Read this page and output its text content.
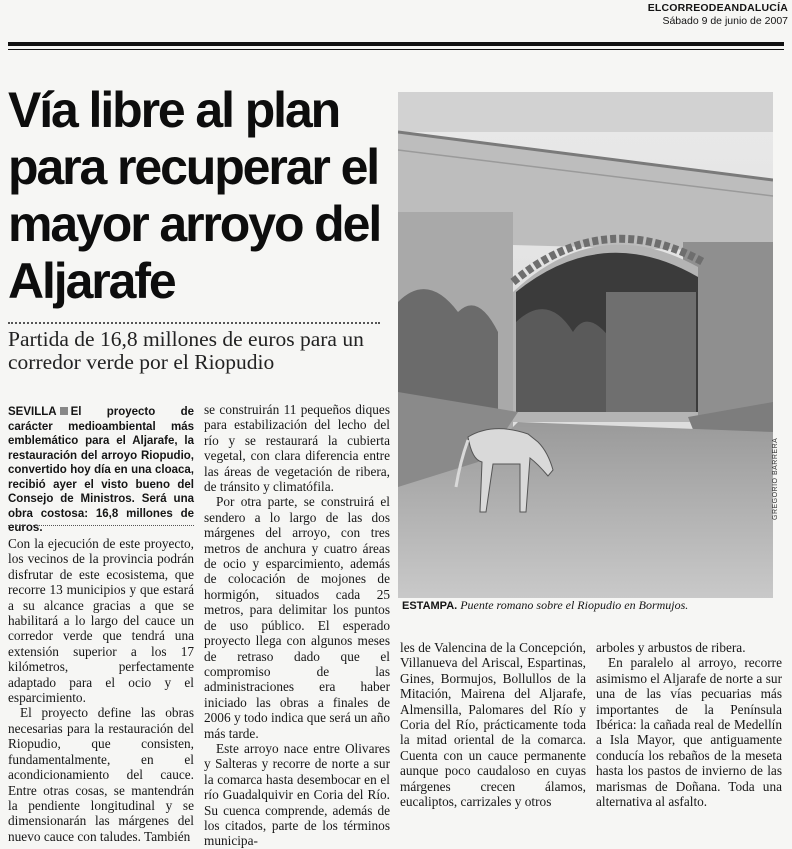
ELCORREODEANDALUCÍA
Sábado 9 de junio de 2007
Vía libre al plan para recuperar el mayor arroyo del Aljarafe
Partida de 16,8 millones de euros para un corredor verde por el Riopudio
SEVILLA El proyecto de carácter medioambiental más emblemático para el Aljarafe, la restauración del arroyo Riopudio, convertido hoy día en una cloaca, recibió ayer el visto bueno del Consejo de Ministros. Será una obra costosa: 16,8 millones de euros.

Con la ejecución de este proyecto, los vecinos de la provincia podrán disfrutar de este ecosistema, que recorre 13 municipios y que estará a su alcance gracias a que se habilitará a lo largo del cauce un corredor verde que tendrá una extensión superior a los 17 kilómetros, perfectamente adaptado para el ocio y el esparcimiento.

El proyecto define las obras necesarias para la restauración del Riopudio, que consisten, fundamentalmente, en el acondicionamiento del cauce. Entre otras cosas, se mantendrán la pendiente longitudinal y se dimensionarán las márgenes del nuevo cauce con taludes. También

se construirán 11 pequeños diques para estabilización del lecho del río y se restaurará la cubierta vegetal, con clara diferencia entre las áreas de vegetación de ribera, de tránsito y climatófila.

Por otra parte, se construirá el sendero a lo largo de las dos márgenes del arroyo, con tres metros de anchura y cuatro áreas de ocio y esparcimiento, además de colocación de mojones de hormigón, situados cada 25 metros, para delimitar los puntos de uso público. El esperado proyecto llega con algunos meses de retraso dado que el compromiso de las administraciones era haber iniciado las obras a finales de 2006 y todo indica que será un año más tarde.

Este arroyo nace entre Olivares y Salteras y recorre de norte a sur la comarca hasta desembocar en el río Guadalquivir en Coria del Río. Su cuenca comprende, además de los citados, parte de los términos municipa-

les de Valencina de la Concepción, Villanueva del Ariscal, Espartinas, Gines, Bormujos, Bollullos de la Mitación, Mairena del Aljarafe, Almensilla, Palomares del Río y Coria del Río, prácticamente toda la mitad oriental de la comarca. Cuenta con un cauce permanente aunque poco caudaloso en cuyas márgenes crecen álamos, eucaliptos, carrizales y otros

arboles y arbustos de ribera.

En paralelo al arroyo, recorre asimismo el Aljarafe de norte a sur una de las vías pecuarias más importantes de la Península Ibérica: la cañada real de Medellín a Isla Mayor, que antiguamente conducía los rebaños de la meseta hasta los pastos de invierno de las marismas de Doñana. Toda una alternativa al asfalto.

GREGORIO BARRERA
ESTAMPA. Puente romano sobre el Riopudio en Bormujos.
